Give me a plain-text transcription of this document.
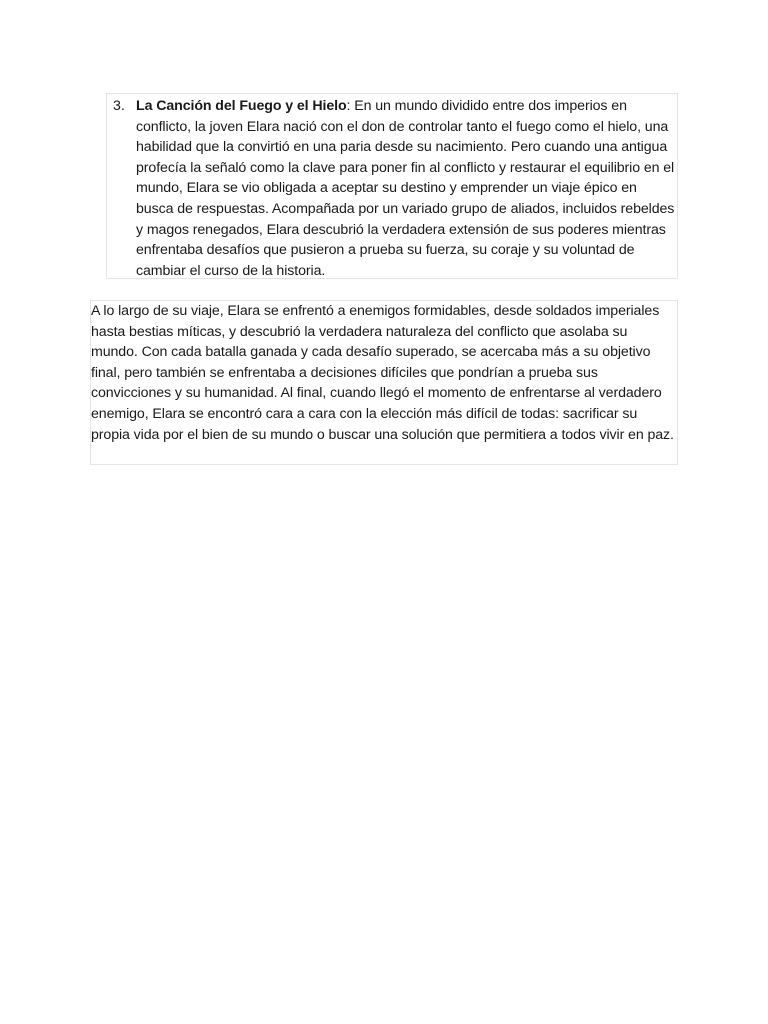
3. La Canción del Fuego y el Hielo: En un mundo dividido entre dos imperios en conflicto, la joven Elara nació con el don de controlar tanto el fuego como el hielo, una habilidad que la convirtió en una paria desde su nacimiento. Pero cuando una antigua profecía la señaló como la clave para poner fin al conflicto y restaurar el equilibrio en el mundo, Elara se vio obligada a aceptar su destino y emprender un viaje épico en busca de respuestas. Acompañada por un variado grupo de aliados, incluidos rebeldes y magos renegados, Elara descubrió la verdadera extensión de sus poderes mientras enfrentaba desafíos que pusieron a prueba su fuerza, su coraje y su voluntad de cambiar el curso de la historia.
A lo largo de su viaje, Elara se enfrentó a enemigos formidables, desde soldados imperiales hasta bestias míticas, y descubrió la verdadera naturaleza del conflicto que asolaba su mundo. Con cada batalla ganada y cada desafío superado, se acercaba más a su objetivo final, pero también se enfrentaba a decisiones difíciles que pondrían a prueba sus convicciones y su humanidad. Al final, cuando llegó el momento de enfrentarse al verdadero enemigo, Elara se encontró cara a cara con la elección más difícil de todas: sacrificar su propia vida por el bien de su mundo o buscar una solución que permitiera a todos vivir en paz.
